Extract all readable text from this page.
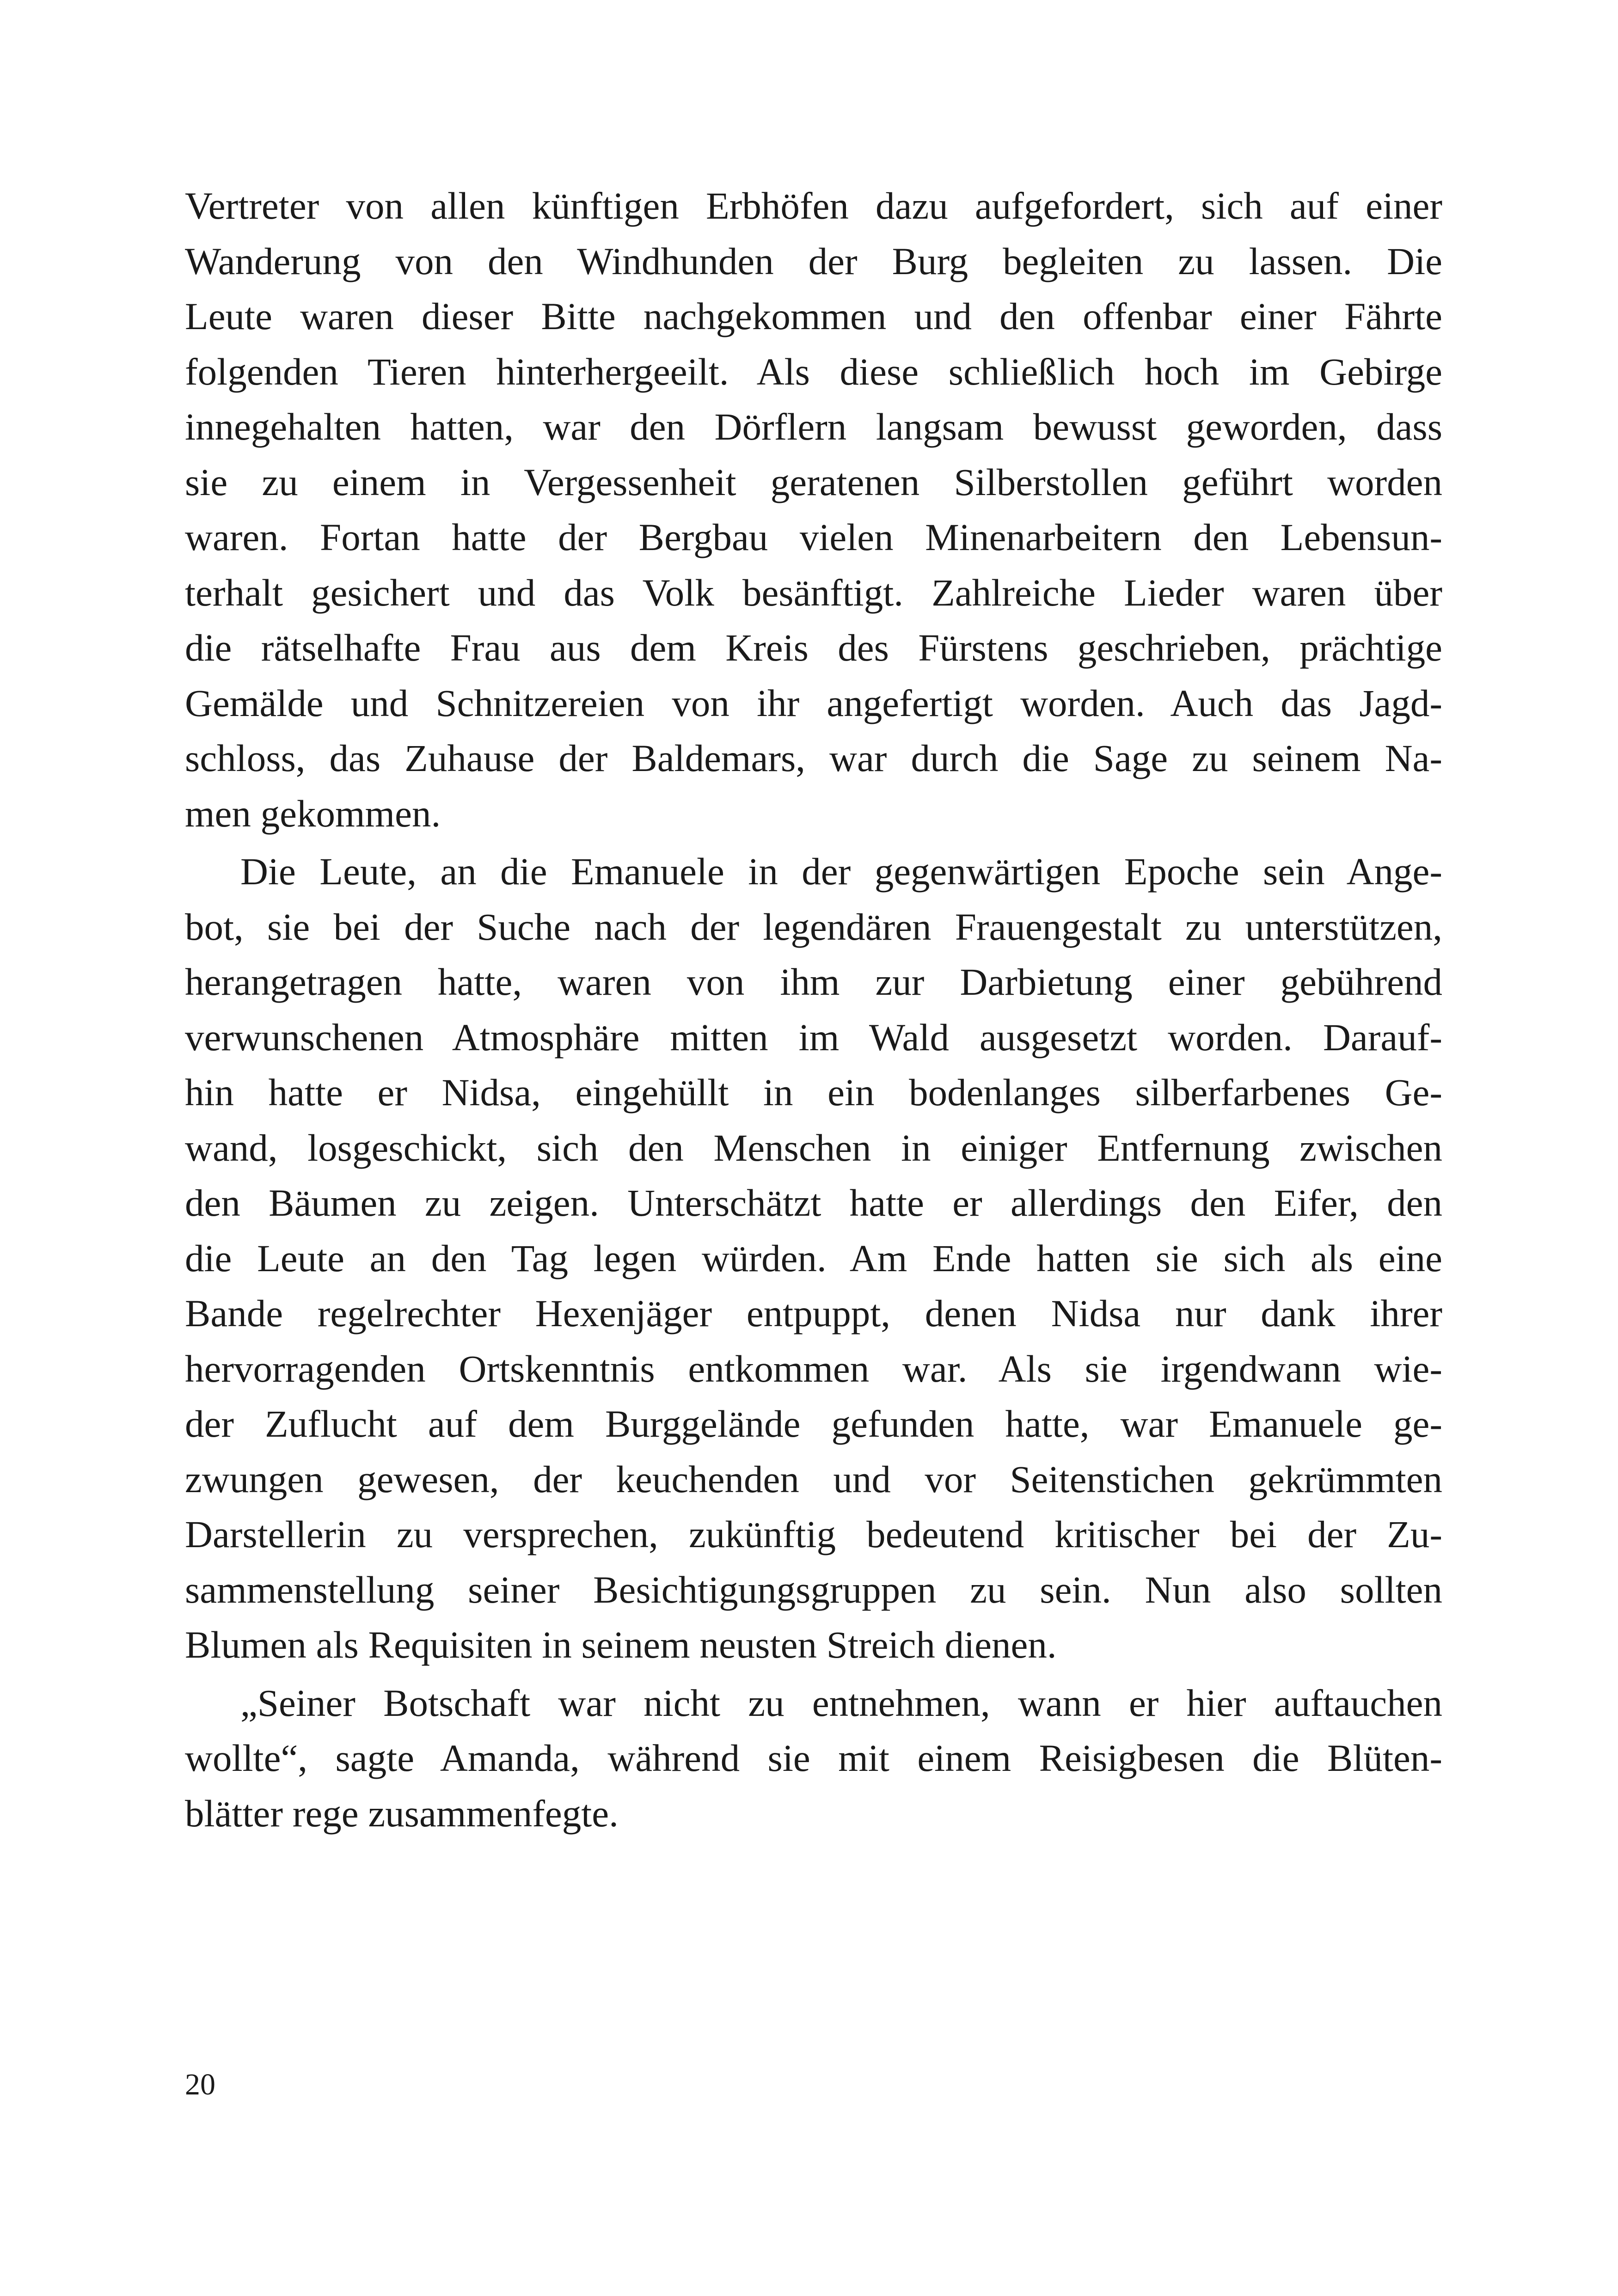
Vertreter von allen künftigen Erbhöfen dazu aufgefordert, sich auf einer
Wanderung von den Windhunden der Burg begleiten zu lassen. Die
Leute waren dieser Bitte nachgekommen und den offenbar einer Fährte
folgenden Tieren hinterhergeeilt. Als diese schließlich hoch im Gebirge
innegehalten hatten, war den Dörflern langsam bewusst geworden, dass
sie zu einem in Vergessenheit geratenen Silberstollen geführt worden
waren. Fortan hatte der Bergbau vielen Minenarbeitern den Lebensun-
terhalt gesichert und das Volk besänftigt. Zahlreiche Lieder waren über
die rätselhafte Frau aus dem Kreis des Fürstens geschrieben, prächtige
Gemälde und Schnitzereien von ihr angefertigt worden. Auch das Jagd-
schloss, das Zuhause der Baldemars, war durch die Sage zu seinem Na-
men gekommen.
Die Leute, an die Emanuele in der gegenwärtigen Epoche sein Ange-
bot, sie bei der Suche nach der legendären Frauengestalt zu unterstützen,
herangetragen hatte, waren von ihm zur Darbietung einer gebührend
verwunschenen Atmosphäre mitten im Wald ausgesetzt worden. Darauf-
hin hatte er Nidsa, eingehüllt in ein bodenlanges silberfarbenes Ge-
wand, losgeschickt, sich den Menschen in einiger Entfernung zwischen
den Bäumen zu zeigen. Unterschätzt hatte er allerdings den Eifer, den
die Leute an den Tag legen würden. Am Ende hatten sie sich als eine
Bande regelrechter Hexenjäger entpuppt, denen Nidsa nur dank ihrer
hervorragenden Ortskenntnis entkommen war. Als sie irgendwann wie-
der Zuflucht auf dem Burggelände gefunden hatte, war Emanuele ge-
zwungen gewesen, der keuchenden und vor Seitenstichen gekrümmten
Darstellerin zu versprechen, zukünftig bedeutend kritischer bei der Zu-
sammenstellung seiner Besichtigungsgruppen zu sein. Nun also sollten
Blumen als Requisiten in seinem neusten Streich dienen.
„Seiner Botschaft war nicht zu entnehmen, wann er hier auftauchen
wollte“, sagte Amanda, während sie mit einem Reisigbesen die Blüten-
blätter rege zusammenfegte.
20
